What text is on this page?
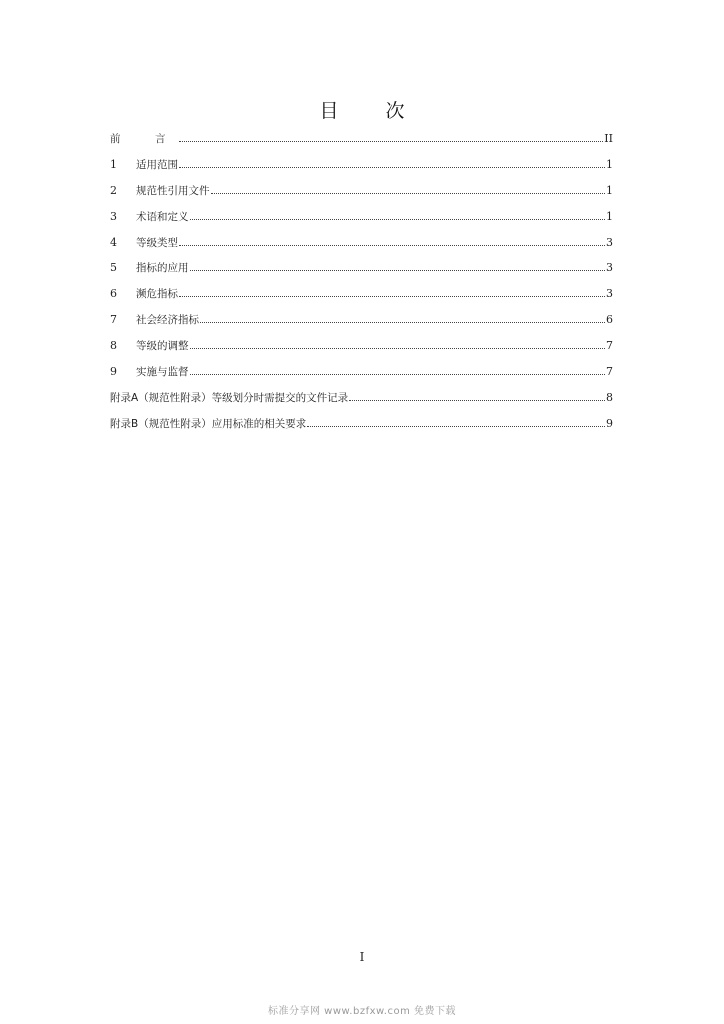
目　次
前　言	II
1	适用范围	1
2	规范性引用文件	1
3	术语和定义	1
4	等级类型	3
5	指标的应用	3
6	濒危指标	3
7	社会经济指标	6
8	等级的调整	7
9	实施与监督	7
附录A（规范性附录）等级划分时需提交的文件记录	8
附录B（规范性附录）应用标准的相关要求	9
I
标准分享网 www.bzfxw.com 免费下载
